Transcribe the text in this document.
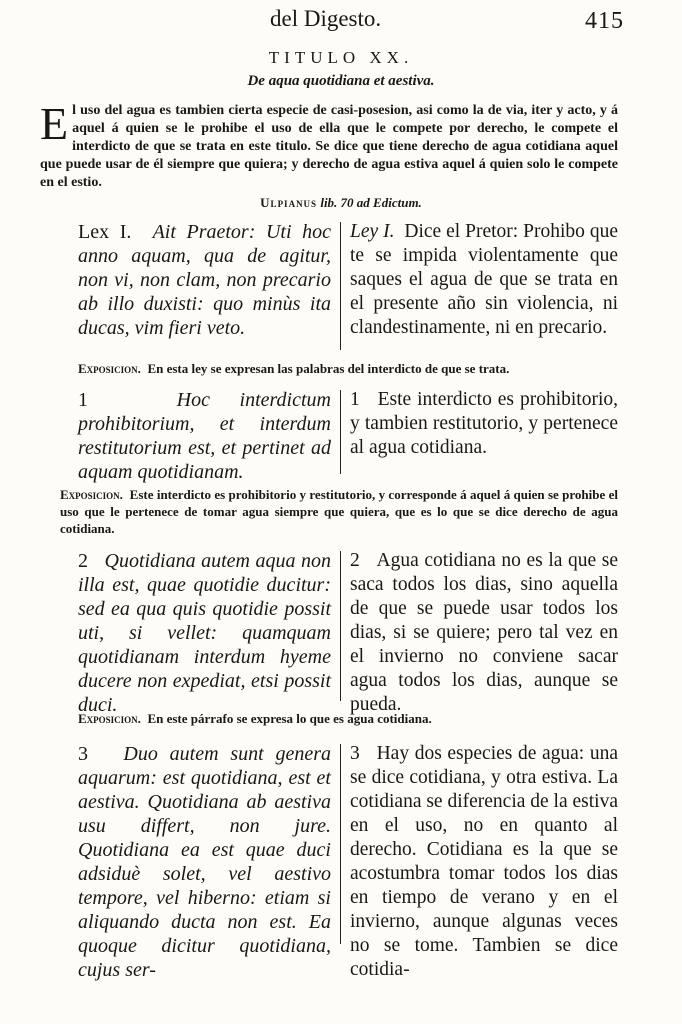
del Digesto.	415
TITULO XX.
De aqua quotidiana et aestiva.
El uso del agua es tambien cierta especie de casi-posesion, asi como la de via, iter y acto, y á aquel á quien se le prohibe el uso de ella que le compete por derecho, le compete el interdicto de que se trata en este titulo. Se dice que tiene derecho de agua cotidiana aquel que puede usar de él siempre que quiera; y derecho de agua estiva aquel á quien solo le compete en el estio.
Ulpianus lib. 70 ad Edictum.
Lex I. Ait Praetor: Uti hoc anno aquam, qua de agitur, non vi, non clam, non precario ab illo duxisti: quo minùs ita ducas, vim fieri veto.
Ley I. Dice el Pretor: Prohibo que te se impida violentamente que saques el agua de que se trata en el presente año sin violencia, ni clandestinamente, ni en precario.
Exposicion. En esta ley se expresan las palabras del interdicto de que se trata.
1	Hoc interdictum prohibitorium, et interdum restitutorium est, et pertinet ad aquam quotidianam.
1 Este interdicto es prohibitorio, y tambien restitutorio, y pertenece al agua cotidiana.
Exposicion. Este interdicto es prohibitorio y restitutorio, y corresponde á aquel á quien se prohibe el uso que le pertenece de tomar agua siempre que quiera, que es lo que se dice derecho de agua cotidiana.
2 Quotidiana autem aqua non illa est, quae quotidie ducitur: sed ea qua quis quotidie possit uti, si vellet: quamquam quotidianam interdum hyeme ducere non expediat, etsi possit duci.
2 Agua cotidiana no es la que se saca todos los dias, sino aquella de que se puede usar todos los dias, si se quiere; pero tal vez en el invierno no conviene sacar agua todos los dias, aunque se pueda.
Exposicion. En este párrafo se expresa lo que es agua cotidiana.
3 Duo autem sunt genera aquarum: est quotidiana, est et aestiva. Quotidiana ab aestiva usu differt, non jure. Quotidiana ea est quae duci adsiduè solet, vel aestivo tempore, vel hiberno: etiam si aliquando ducta non est. Ea quoque dicitur quotidiana, cujus ser-
3 Hay dos especies de agua: una se dice cotidiana, y otra estiva. La cotidiana se diferencia de la estiva en el uso, no en quanto al derecho. Cotidiana es la que se acostumbra tomar todos los dias en tiempo de verano y en el invierno, aunque algunas veces no se tome. Tambien se dice cotidia-
